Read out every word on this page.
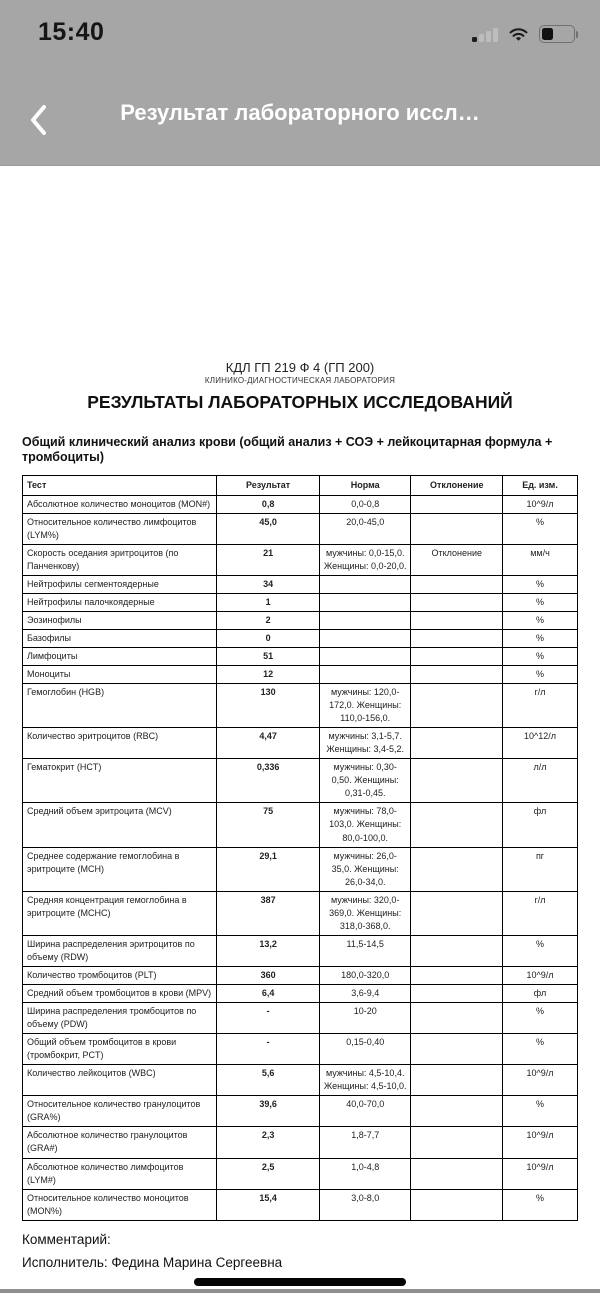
15:40
Результат лабораторного иссл…
КДЛ ГП 219 Ф 4 (ГП 200)
КЛИНИКО-ДИАГНОСТИЧЕСКАЯ ЛАБОРАТОРИЯ
РЕЗУЛЬТАТЫ ЛАБОРАТОРНЫХ ИССЛЕДОВАНИЙ
Общий клинический анализ крови (общий анализ + СОЭ + лейкоцитарная формула + тромбоциты)
Тест	Результат	Норма	Отклонение	Ед. изм.
Абсолютное количество моноцитов (MON#)	0,8	0,0-0,8		10^9/л
Относительное количество лимфоцитов (LYM%)	45,0	20,0-45,0		%
Скорость оседания эритроцитов (по Панченкову)	21	мужчины: 0,0-15,0. Женщины: 0,0-20,0.	Отклонение	мм/ч
Нейтрофилы сегментоядерные	34			%
Нейтрофилы палочкоядерные	1			%
Эозинофилы	2			%
Базофилы	0			%
Лимфоциты	51			%
Моноциты	12			%
Гемоглобин (HGB)	130	мужчины: 120,0-172,0. Женщины: 110,0-156,0.		г/л
Количество эритроцитов (RBC)	4,47	мужчины: 3,1-5,7. Женщины: 3,4-5,2.		10^12/л
Гематокрит (HCT)	0,336	мужчины: 0,30-0,50. Женщины: 0,31-0,45.		л/л
Средний объем эритроцита (MCV)	75	мужчины: 78,0-103,0. Женщины: 80,0-100,0.		фл
Среднее содержание гемоглобина в эритроците (MCH)	29,1	мужчины: 26,0-35,0. Женщины: 26,0-34,0.		пг
Средняя концентрация гемоглобина в эритроците (MCHC)	387	мужчины: 320,0-369,0. Женщины: 318,0-368,0.		г/л
Ширина распределения эритроцитов по объему (RDW)	13,2	11,5-14,5		%
Количество тромбоцитов (PLT)	360	180,0-320,0		10^9/л
Средний объем тромбоцитов в крови (MPV)	6,4	3,6-9,4		фл
Ширина распределения тромбоцитов по объему (PDW)	-	10-20		%
Общий объем тромбоцитов в крови (тромбокрит, PCT)	-	0,15-0,40		%
Количество лейкоцитов (WBC)	5,6	мужчины: 4,5-10,4. Женщины: 4,5-10,0.		10^9/л
Относительное количество гранулоцитов (GRA%)	39,6	40,0-70,0		%
Абсолютное количество гранулоцитов (GRA#)	2,3	1,8-7,7		10^9/л
Абсолютное количество лимфоцитов (LYM#)	2,5	1,0-4,8		10^9/л
Относительное количество моноцитов (MON%)	15,4	3,0-8,0		%
Комментарий:
Исполнитель: Федина Марина Сергеевна
